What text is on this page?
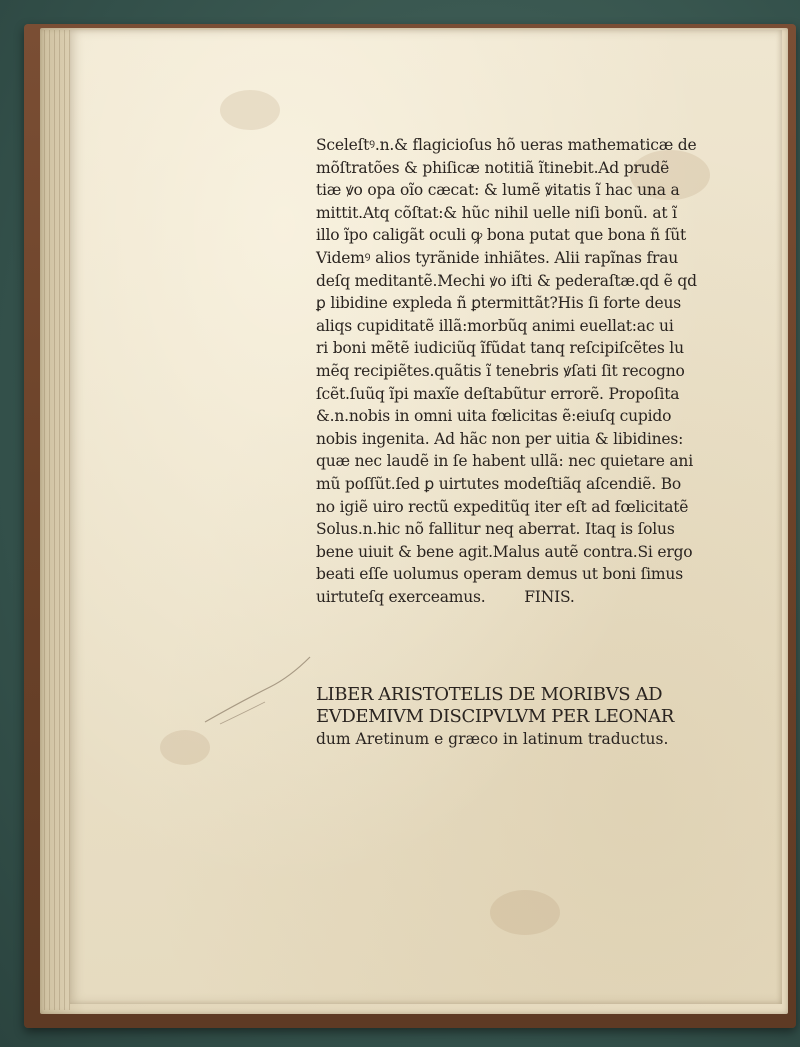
Sceleſtꝰ.n.& flagicioſus hõ ueras mathematicæ de
mõſtratões & phiſicæ notitiã ĩtinebit.Ad prudẽ
tiæ ꝟo opa oĩo cæcat: & lumẽ ꝟitatis ĩ hac una a
mittit.Atq cõſtat:& hũc nihil uelle niſi bonũ. at ĩ
illo ĩpo caligãt oculi ꝙ bona putat que bona ñ ſũt
Videmꝰ alios tyrãnide inhiãtes. Alii rapĩnas frau
deſq meditantẽ.Mechi ꝟo iſti & pederaſtæ.qd ẽ qd
ꝑ libidine expleda ñ ꝑtermittãt?His ſi forte deus
aliqs cupiditatẽ illã:morbũq animi euellat:ac ui
ri boni mẽtẽ iudiciũq ĩfũdat tanq reſcipiſcẽtes lu
mẽq recipiẽtes.quãtis ĩ tenebris ꝟſati ſit recogno
ſcẽt.ſuũq ĩpi maxĩe deſtabũtur errorẽ. Propoſita
&.n.nobis in omni uita fœlicitas ẽ:eiuſq cupido
nobis ingenita. Ad hãc non per uitia & libidines:
quæ nec laudẽ in ſe habent ullã: nec quietare ani
mũ poſſũt.ſed ꝑ uirtutes modeſtiãq aſcendiẽ. Bo
no igiẽ uiro rectũ expeditũq iter eſt ad fœlicitatẽ
Solus.n.hic nõ fallitur neq aberrat. Itaq is ſolus
bene uiuit & bene agit.Malus autẽ contra.Si ergo
beati eſſe uolumus operam demus ut boni ſimus
uirtuteſq exerceamus. FINIS.
LIBER ARISTOTELIS DE MORIBVS AD
EVDEMIVM DISCIPVLVM PER LEONAR
dum Aretinum e græco in latinum traductus.
